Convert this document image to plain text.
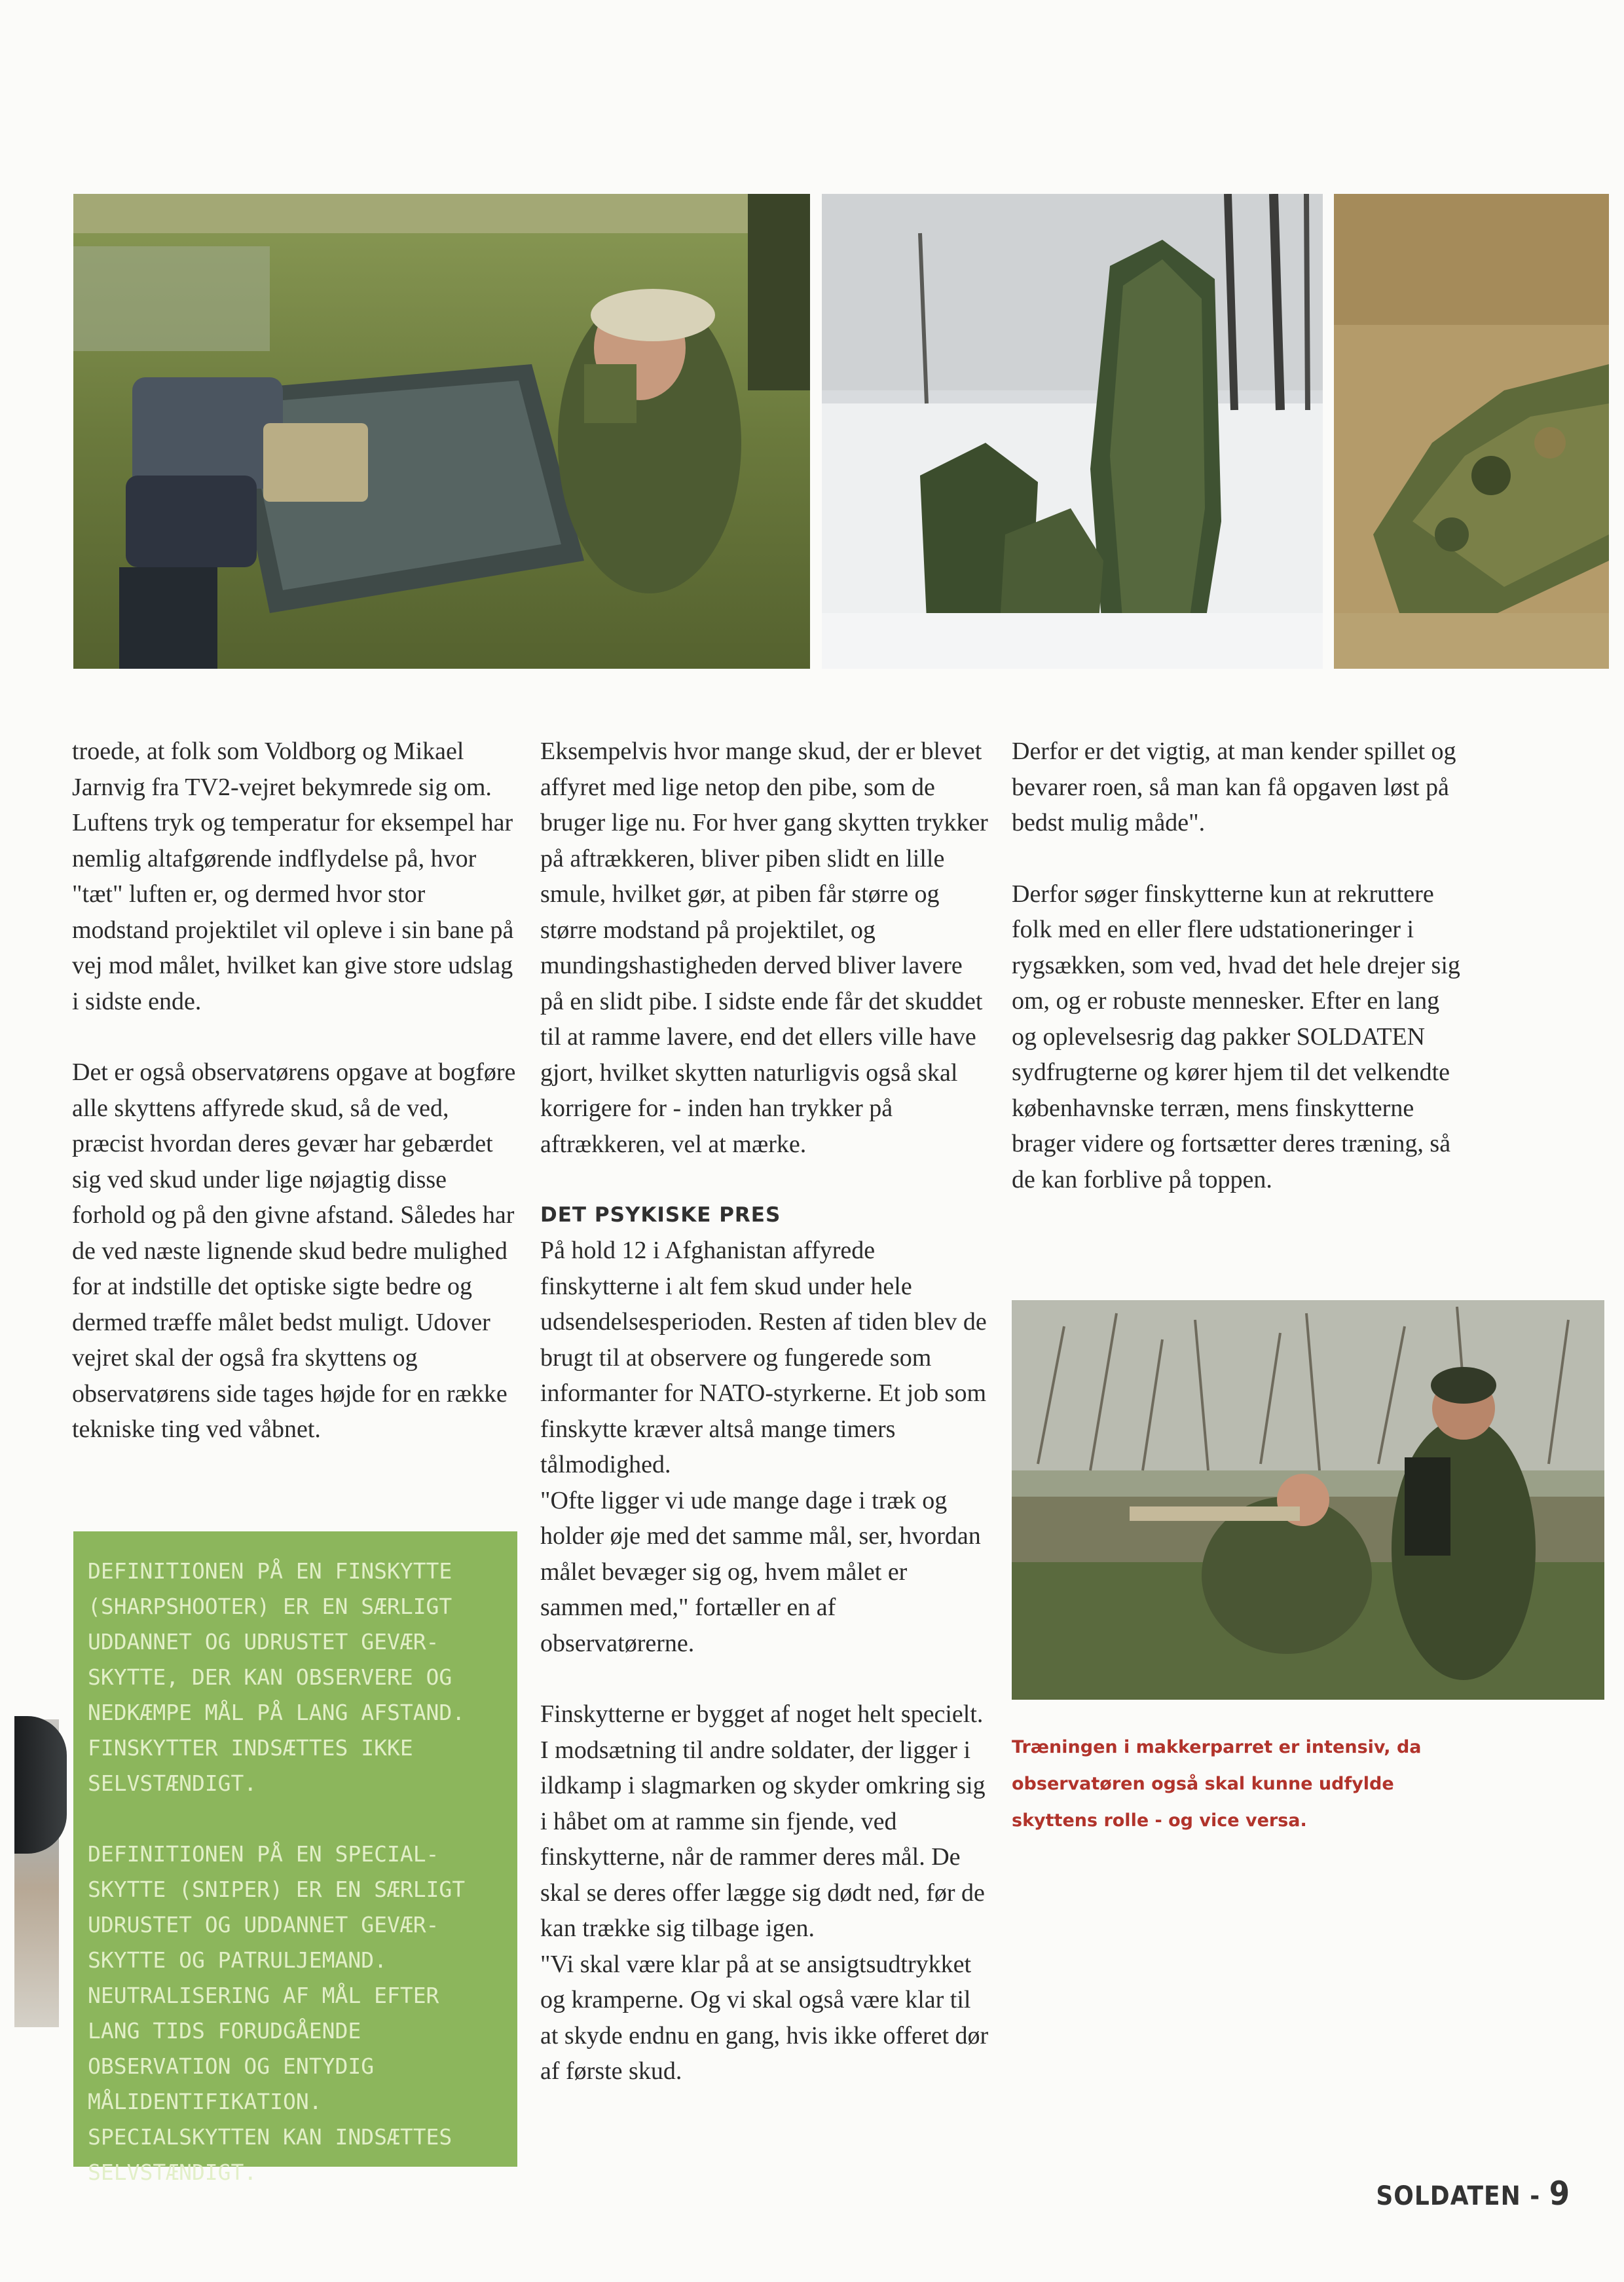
troede, at folk som Voldborg og Mikael Jarnvig fra TV2-vejret bekymrede sig om. Luftens tryk og temperatur for eksempel har nemlig altafgørende indflydelse på, hvor "tæt" luften er, og dermed hvor stor modstand projektilet vil opleve i sin bane på vej mod målet, hvilket kan give store udslag i sidste ende.

Det er også observatørens opgave at bogføre alle skyttens affyrede skud, så de ved, præcist hvordan deres gevær har gebærdet sig ved skud under lige nøjagtig disse forhold og på den givne afstand. Således har de ved næste lignende skud bedre mulighed for at indstille det optiske sigte bedre og dermed træffe målet bedst muligt. Udover vejret skal der også fra skyttens og observatørens side tages højde for en række tekniske ting ved våbnet.

DEFINITIONEN PÅ EN FINSKYTTE (SHARPSHOOTER) ER EN SÆRLIGT UDDANNET OG UDRUSTET GEVÆR-SKYTTE, DER KAN OBSERVERE OG NEDKÆMPE MÅL PÅ LANG AFSTAND. FINSKYTTER INDSÆTTES IKKE SELVSTÆNDIGT.

DEFINITIONEN PÅ EN SPECIAL-SKYTTE (SNIPER) ER EN SÆRLIGT UDRUSTET OG UDDANNET GEVÆR-SKYTTE OG PATRULJEMAND. NEUTRALISERING AF MÅL EFTER LANG TIDS FORUDGÅENDE OBSERVATION OG ENTYDIG MÅLIDENTIFIKATION. SPECIALSKYTTEN KAN INDSÆTTES SELVSTÆNDIGT.

Eksempelvis hvor mange skud, der er blevet affyret med lige netop den pibe, som de bruger lige nu. For hver gang skytten trykker på aftrækkeren, bliver piben slidt en lille smule, hvilket gør, at piben får større og større modstand på projektilet, og mundingshastigheden derved bliver lavere på en slidt pibe. I sidste ende får det skuddet til at ramme lavere, end det ellers ville have gjort, hvilket skytten naturligvis også skal korrigere for - inden han trykker på aftrækkeren, vel at mærke.

DET PSYKISKE PRES

På hold 12 i Afghanistan affyrede finskytterne i alt fem skud under hele udsendelsesperioden. Resten af tiden blev de brugt til at observere og fungerede som informanter for NATO-styrkerne. Et job som finskytte kræver altså mange timers tålmodighed.

"Ofte ligger vi ude mange dage i træk og holder øje med det samme mål, ser, hvordan målet bevæger sig og, hvem målet er sammen med," fortæller en af observatørerne.

Finskytterne er bygget af noget helt specielt. I modsætning til andre soldater, der ligger i ildkamp i slagmarken og skyder omkring sig i håbet om at ramme sin fjende, ved finskytterne, når de rammer deres mål. De skal se deres offer lægge sig dødt ned, før de kan trække sig tilbage igen.

"Vi skal være klar på at se ansigtsudtrykket og kramperne. Og vi skal også være klar til at skyde endnu en gang, hvis ikke offeret dør af første skud.

Derfor er det vigtig, at man kender spillet og bevarer roen, så man kan få opgaven løst på bedst mulig måde".

Derfor søger finskytterne kun at rekruttere folk med en eller flere udstationeringer i rygsækken, som ved, hvad det hele drejer sig om, og er robuste mennesker. Efter en lang og oplevelsesrig dag pakker SOLDATEN sydfrugterne og kører hjem til det velkendte københavnske terræn, mens finskytterne brager videre og fortsætter deres træning, så de kan forblive på toppen.

Træningen i makkerparret er intensiv, da observatøren også skal kunne udfylde skyttens rolle - og vice versa.
SOLDATEN - 9
